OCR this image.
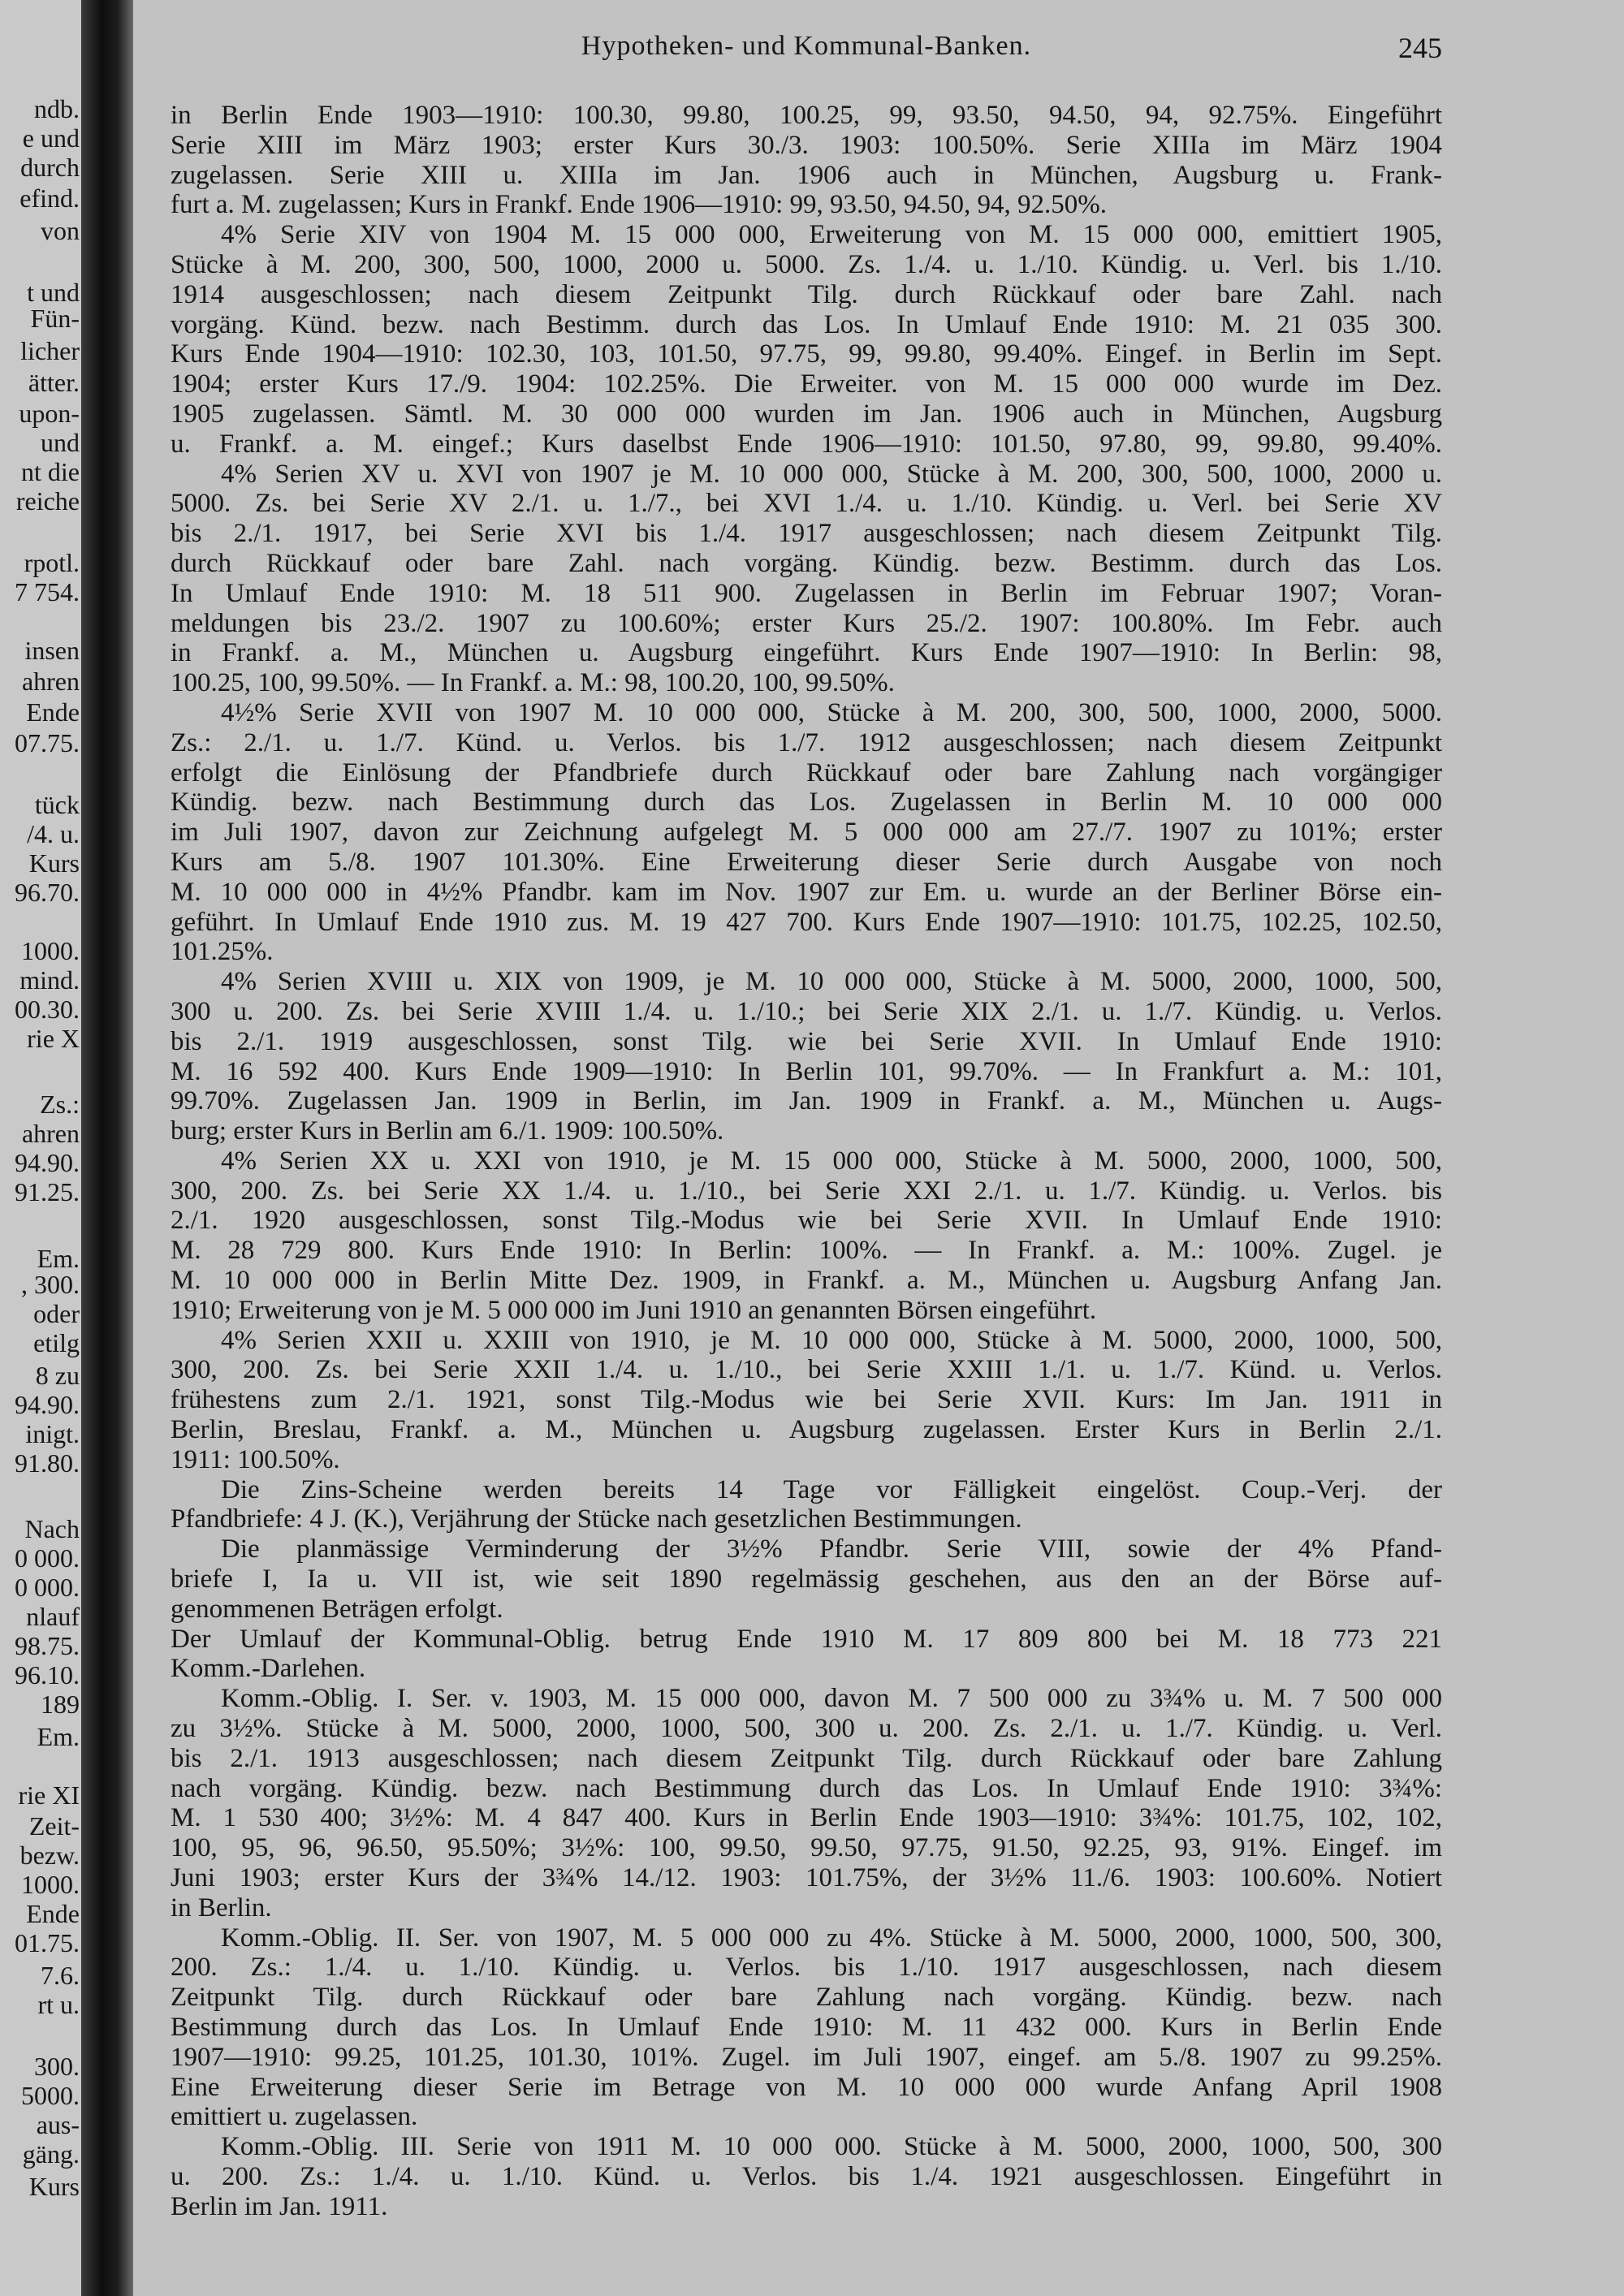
ndb.
e und
durch
efind.
von
t und
Fün-
licher
ätter.
upon-
und
nt die
reiche
rpotl.
7 754.
insen
ahren
Ende
07.75.
tück
/4. u.
Kurs
96.70.
1000.
mind.
00.30.
rie X
Zs.:
ahren
94.90.
91.25.
Em.
, 300.
oder
etilg
8 zu
94.90.
inigt.
91.80.
Nach
0 000.
0 000.
nlauf
98.75.
96.10.
189
Em.
rie XI
Zeit-
bezw.
1000.
Ende
01.75.
7.6.
rt u.
300.
5000.
aus-
gäng.
Kurs
Hypotheken- und Kommunal-Banken.	245
in Berlin Ende 1903—1910: 100.30, 99.80, 100.25, 99, 93.50, 94.50, 94, 92.75%. Eingeführt
Serie XIII im März 1903; erster Kurs 30./3. 1903: 100.50%. Serie XIIIa im März 1904
zugelassen. Serie XIII u. XIIIa im Jan. 1906 auch in München, Augsburg u. Frank-
furt a. M. zugelassen; Kurs in Frankf. Ende 1906—1910: 99, 93.50, 94.50, 94, 92.50%.
4% Serie XIV von 1904 M. 15 000 000, Erweiterung von M. 15 000 000, emittiert 1905,
Stücke à M. 200, 300, 500, 1000, 2000 u. 5000. Zs. 1./4. u. 1./10. Kündig. u. Verl. bis 1./10.
1914 ausgeschlossen; nach diesem Zeitpunkt Tilg. durch Rückkauf oder bare Zahl. nach
vorgäng. Künd. bezw. nach Bestimm. durch das Los. In Umlauf Ende 1910: M. 21 035 300.
Kurs Ende 1904—1910: 102.30, 103, 101.50, 97.75, 99, 99.80, 99.40%. Eingef. in Berlin im Sept.
1904; erster Kurs 17./9. 1904: 102.25%. Die Erweiter. von M. 15 000 000 wurde im Dez.
1905 zugelassen. Sämtl. M. 30 000 000 wurden im Jan. 1906 auch in München, Augsburg
u. Frankf. a. M. eingef.; Kurs daselbst Ende 1906—1910: 101.50, 97.80, 99, 99.80, 99.40%.
4% Serien XV u. XVI von 1907 je M. 10 000 000, Stücke à M. 200, 300, 500, 1000, 2000 u.
5000. Zs. bei Serie XV 2./1. u. 1./7., bei XVI 1./4. u. 1./10. Kündig. u. Verl. bei Serie XV
bis 2./1. 1917, bei Serie XVI bis 1./4. 1917 ausgeschlossen; nach diesem Zeitpunkt Tilg.
durch Rückkauf oder bare Zahl. nach vorgäng. Kündig. bezw. Bestimm. durch das Los.
In Umlauf Ende 1910: M. 18 511 900. Zugelassen in Berlin im Februar 1907; Voran-
meldungen bis 23./2. 1907 zu 100.60%; erster Kurs 25./2. 1907: 100.80%. Im Febr. auch
in Frankf. a. M., München u. Augsburg eingeführt. Kurs Ende 1907—1910: In Berlin: 98,
100.25, 100, 99.50%. — In Frankf. a. M.: 98, 100.20, 100, 99.50%.
4½% Serie XVII von 1907 M. 10 000 000, Stücke à M. 200, 300, 500, 1000, 2000, 5000.
Zs.: 2./1. u. 1./7. Künd. u. Verlos. bis 1./7. 1912 ausgeschlossen; nach diesem Zeitpunkt
erfolgt die Einlösung der Pfandbriefe durch Rückkauf oder bare Zahlung nach vorgängiger
Kündig. bezw. nach Bestimmung durch das Los. Zugelassen in Berlin M. 10 000 000
im Juli 1907, davon zur Zeichnung aufgelegt M. 5 000 000 am 27./7. 1907 zu 101%; erster
Kurs am 5./8. 1907 101.30%. Eine Erweiterung dieser Serie durch Ausgabe von noch
M. 10 000 000 in 4½% Pfandbr. kam im Nov. 1907 zur Em. u. wurde an der Berliner Börse ein-
geführt. In Umlauf Ende 1910 zus. M. 19 427 700. Kurs Ende 1907—1910: 101.75, 102.25, 102.50,
101.25%.
4% Serien XVIII u. XIX von 1909, je M. 10 000 000, Stücke à M. 5000, 2000, 1000, 500,
300 u. 200. Zs. bei Serie XVIII 1./4. u. 1./10.; bei Serie XIX 2./1. u. 1./7. Kündig. u. Verlos.
bis 2./1. 1919 ausgeschlossen, sonst Tilg. wie bei Serie XVII. In Umlauf Ende 1910:
M. 16 592 400. Kurs Ende 1909—1910: In Berlin 101, 99.70%. — In Frankfurt a. M.: 101,
99.70%. Zugelassen Jan. 1909 in Berlin, im Jan. 1909 in Frankf. a. M., München u. Augs-
burg; erster Kurs in Berlin am 6./1. 1909: 100.50%.
4% Serien XX u. XXI von 1910, je M. 15 000 000, Stücke à M. 5000, 2000, 1000, 500,
300, 200. Zs. bei Serie XX 1./4. u. 1./10., bei Serie XXI 2./1. u. 1./7. Kündig. u. Verlos. bis
2./1. 1920 ausgeschlossen, sonst Tilg.-Modus wie bei Serie XVII. In Umlauf Ende 1910:
M. 28 729 800. Kurs Ende 1910: In Berlin: 100%. — In Frankf. a. M.: 100%. Zugel. je
M. 10 000 000 in Berlin Mitte Dez. 1909, in Frankf. a. M., München u. Augsburg Anfang Jan.
1910; Erweiterung von je M. 5 000 000 im Juni 1910 an genannten Börsen eingeführt.
4% Serien XXII u. XXIII von 1910, je M. 10 000 000, Stücke à M. 5000, 2000, 1000, 500,
300, 200. Zs. bei Serie XXII 1./4. u. 1./10., bei Serie XXIII 1./1. u. 1./7. Künd. u. Verlos.
frühestens zum 2./1. 1921, sonst Tilg.-Modus wie bei Serie XVII. Kurs: Im Jan. 1911 in
Berlin, Breslau, Frankf. a. M., München u. Augsburg zugelassen. Erster Kurs in Berlin 2./1.
1911: 100.50%.
Die Zins-Scheine werden bereits 14 Tage vor Fälligkeit eingelöst. Coup.-Verj. der
Pfandbriefe: 4 J. (K.), Verjährung der Stücke nach gesetzlichen Bestimmungen.
Die planmässige Verminderung der 3½% Pfandbr. Serie VIII, sowie der 4% Pfand-
briefe I, Ia u. VII ist, wie seit 1890 regelmässig geschehen, aus den an der Börse auf-
genommenen Beträgen erfolgt.
Der Umlauf der Kommunal-Oblig. betrug Ende 1910 M. 17 809 800 bei M. 18 773 221
Komm.-Darlehen.
Komm.-Oblig. I. Ser. v. 1903, M. 15 000 000, davon M. 7 500 000 zu 3¾% u. M. 7 500 000
zu 3½%. Stücke à M. 5000, 2000, 1000, 500, 300 u. 200. Zs. 2./1. u. 1./7. Kündig. u. Verl.
bis 2./1. 1913 ausgeschlossen; nach diesem Zeitpunkt Tilg. durch Rückkauf oder bare Zahlung
nach vorgäng. Kündig. bezw. nach Bestimmung durch das Los. In Umlauf Ende 1910: 3¾%:
M. 1 530 400; 3½%: M. 4 847 400. Kurs in Berlin Ende 1903—1910: 3¾%: 101.75, 102, 102,
100, 95, 96, 96.50, 95.50%; 3½%: 100, 99.50, 99.50, 97.75, 91.50, 92.25, 93, 91%. Eingef. im
Juni 1903; erster Kurs der 3¾% 14./12. 1903: 101.75%, der 3½% 11./6. 1903: 100.60%. Notiert
in Berlin.
Komm.-Oblig. II. Ser. von 1907, M. 5 000 000 zu 4%. Stücke à M. 5000, 2000, 1000, 500, 300,
200. Zs.: 1./4. u. 1./10. Kündig. u. Verlos. bis 1./10. 1917 ausgeschlossen, nach diesem
Zeitpunkt Tilg. durch Rückkauf oder bare Zahlung nach vorgäng. Kündig. bezw. nach
Bestimmung durch das Los. In Umlauf Ende 1910: M. 11 432 000. Kurs in Berlin Ende
1907—1910: 99.25, 101.25, 101.30, 101%. Zugel. im Juli 1907, eingef. am 5./8. 1907 zu 99.25%.
Eine Erweiterung dieser Serie im Betrage von M. 10 000 000 wurde Anfang April 1908
emittiert u. zugelassen.
Komm.-Oblig. III. Serie von 1911 M. 10 000 000. Stücke à M. 5000, 2000, 1000, 500, 300
u. 200. Zs.: 1./4. u. 1./10. Künd. u. Verlos. bis 1./4. 1921 ausgeschlossen. Eingeführt in
Berlin im Jan. 1911.
